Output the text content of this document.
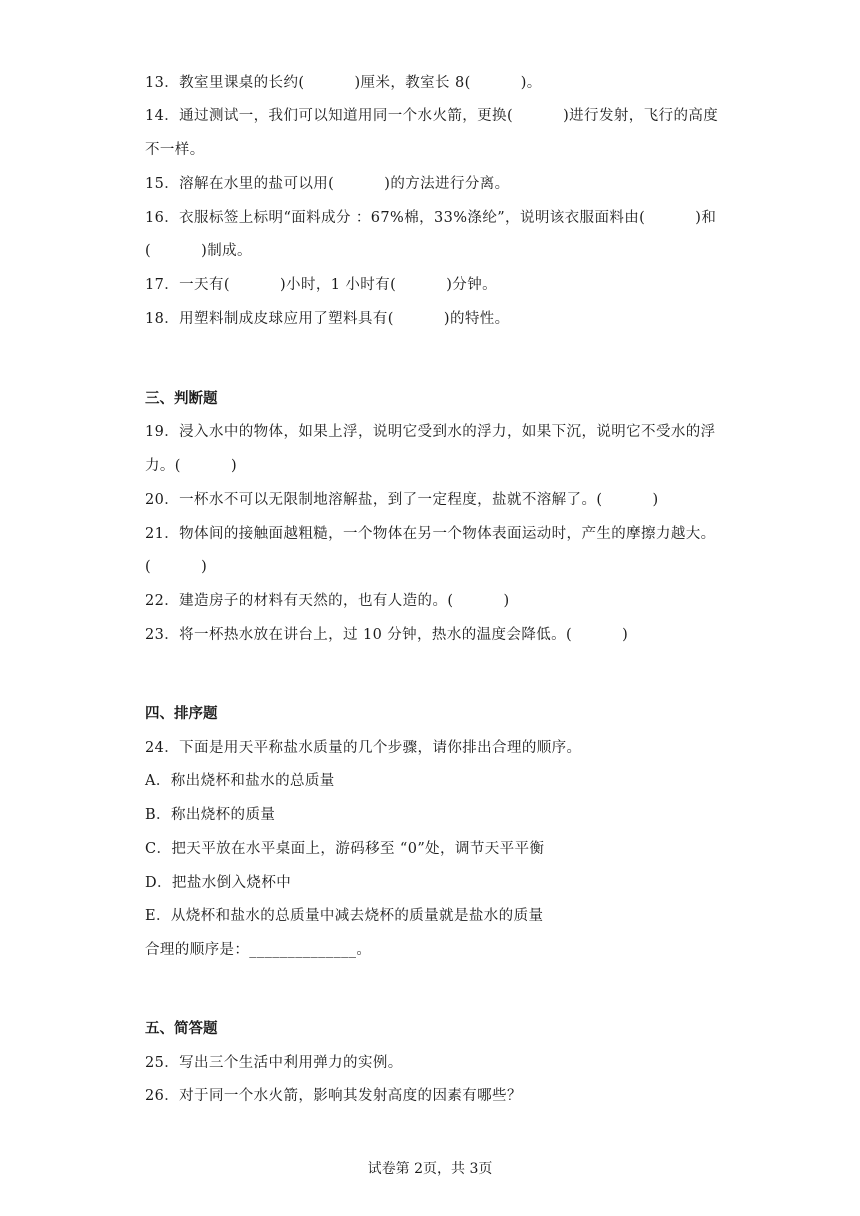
13．教室里课桌的长约(          )厘米，教室长 8(          )。
14．通过测试一，我们可以知道用同一个水火箭，更换(          )进行发射，飞行的高度
不一样。
15．溶解在水里的盐可以用(          )的方法进行分离。
16．衣服标签上标明“面料成分 ：67%棉，33%涤纶”，说明该衣服面料由(          )和
(          )制成。
17．一天有(          )小时，1 小时有(          )分钟。
18．用塑料制成皮球应用了塑料具有(          )的特性。
三、判断题
19．浸入水中的物体，如果上浮，说明它受到水的浮力，如果下沉，说明它不受水的浮
力。(          )
20．一杯水不可以无限制地溶解盐，到了一定程度，盐就不溶解了。(          )
21．物体间的接触面越粗糙，一个物体在另一个物体表面运动时，产生的摩擦力越大。
(          )
22．建造房子的材料有天然的，也有人造的。(          )
23．将一杯热水放在讲台上，过 10 分钟，热水的温度会降低。(          )
四、排序题
24．下面是用天平称盐水质量的几个步骤，请你排出合理的顺序。
A．称出烧杯和盐水的总质量
B．称出烧杯的质量
C．把天平放在水平桌面上，游码移至 “0”处，调节天平平衡
D．把盐水倒入烧杯中
E．从烧杯和盐水的总质量中减去烧杯的质量就是盐水的质量
合理的顺序是：______________。
五、简答题
25．写出三个生活中利用弹力的实例。
26．对于同一个水火箭，影响其发射高度的因素有哪些？
试卷第 2页，共 3页
